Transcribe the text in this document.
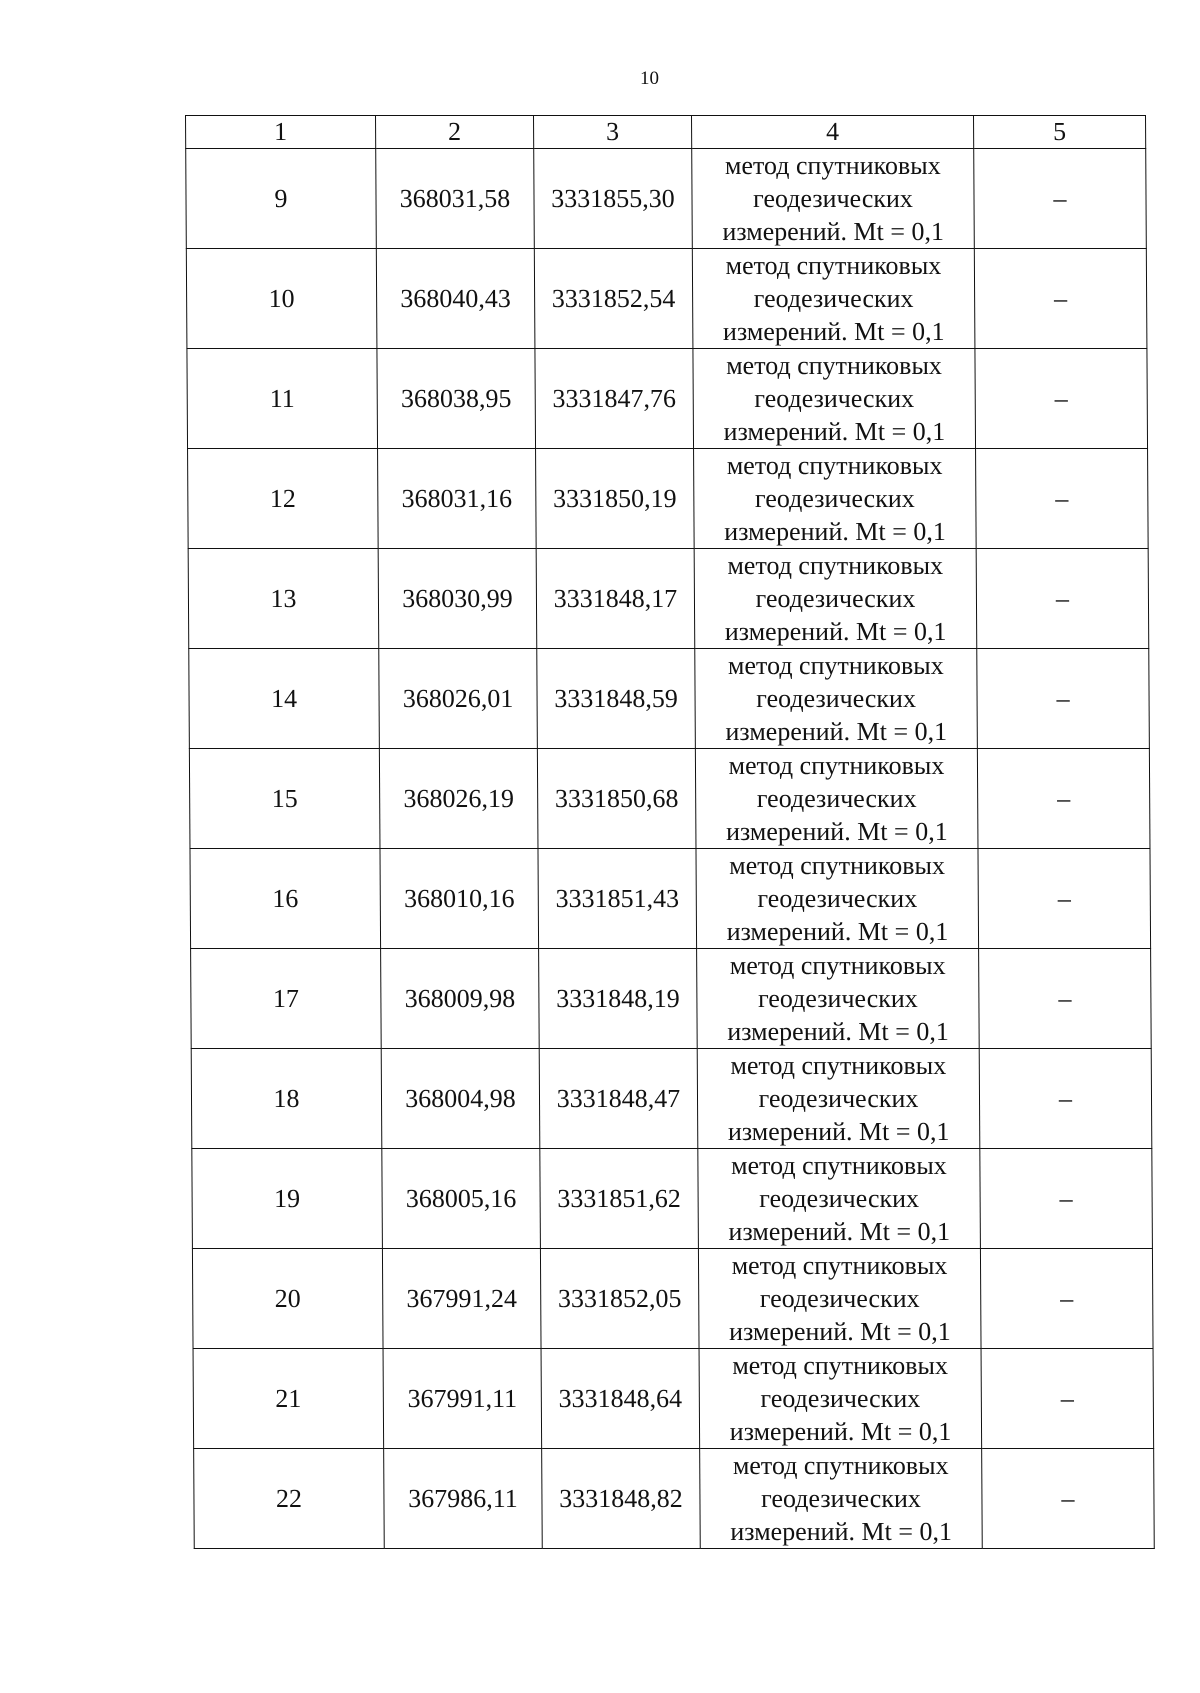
10
1	2	3	4	5
9	368031,58	3331855,30	метод спутниковых
геодезических
измерений. Mt = 0,1	–
10	368040,43	3331852,54	метод спутниковых
геодезических
измерений. Mt = 0,1	–
11	368038,95	3331847,76	метод спутниковых
геодезических
измерений. Mt = 0,1	–
12	368031,16	3331850,19	метод спутниковых
геодезических
измерений. Mt = 0,1	–
13	368030,99	3331848,17	метод спутниковых
геодезических
измерений. Mt = 0,1	–
14	368026,01	3331848,59	метод спутниковых
геодезических
измерений. Mt = 0,1	–
15	368026,19	3331850,68	метод спутниковых
геодезических
измерений. Mt = 0,1	–
16	368010,16	3331851,43	метод спутниковых
геодезических
измерений. Mt = 0,1	–
17	368009,98	3331848,19	метод спутниковых
геодезических
измерений. Mt = 0,1	–
18	368004,98	3331848,47	метод спутниковых
геодезических
измерений. Mt = 0,1	–
19	368005,16	3331851,62	метод спутниковых
геодезических
измерений. Mt = 0,1	–
20	367991,24	3331852,05	метод спутниковых
геодезических
измерений. Mt = 0,1	–
21	367991,11	3331848,64	метод спутниковых
геодезических
измерений. Mt = 0,1	–
22	367986,11	3331848,82	метод спутниковых
геодезических
измерений. Mt = 0,1	–
